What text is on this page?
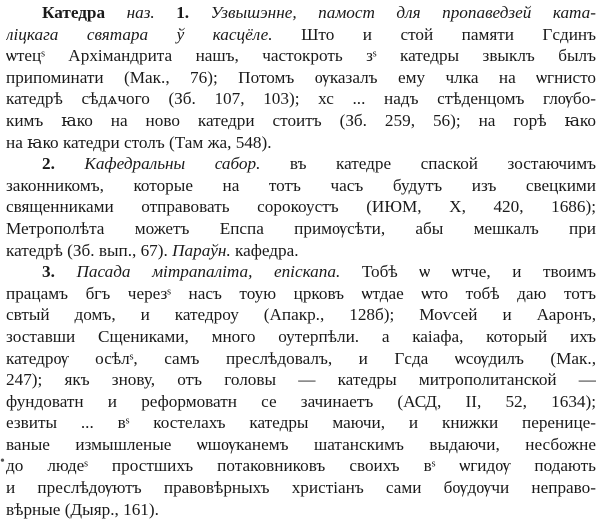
Катедра наз. 1. Узвышэнне, памост для пропаведзей ката-
ліцкага святара ў касцёле. Што и стой памяти Гсдинъ
ѡтецˢ Архімандрита нашъ, частокроть зˢ катедры звыклъ былъ
припоминати (Мак., 76); Потомъ ѹказалъ ему члка на ѡгнисто
катедрѣ сѣдѧчого (Зб. 107, 103); хс ... надъ стѣденцомъ глѹбо-
кимъ ꙗко на ново катедри стоитъ (Зб. 259, 56); на горѣ ꙗко
на ꙗко катедри столъ (Там жа, 548).
2. Кафедральны сабор. въ катедре спаской зостаючимъ
законникомъ, которые на тотъ часъ будутъ изъ свецкими
священниками отправовать сорокоустъ (ИЮМ, X, 420, 1686);
Метрополѣта можетъ Епспа примѹсѣти, абы мешкалъ при
катедрѣ (Зб. вып., 67). Параўн. кафедра.
3. Пасада мітрапаліта, епіскапа. Тобѣ ѡ ѡтче, и твоимъ
працамъ бгъ черезˢ насъ тоую црковъ ѡтдае ѡто тобѣ даю тотъ
свтый домъ, и катедроу (Апакр., 128б); Моѵсей и Ааронъ,
зоставши Сщениками, много оутерпѣли. а каіафа, который ихъ
катедрѹ осѣлˢ, самъ преслѣдовалъ, и Гсда ѡсѹдилъ (Мак.,
247); якъ знову, отъ головы — катедры митрополитанской —
фундоватн и реформоватн се зачинаетъ (АСД, II, 52, 1634);
езвиты ... вˢ костелахъ катедры маючи, и книжки перенице-
ваные измышленые ѡшѹканемъ шатанскимъ выдаючи, несбожне
до людеˢ простшихъ потаковниковъ своихъ вˢ ѡгидѹ подають
и преслѣдѹютъ правовѣрныхъ христіанъ сами бѹдѹчи неправо-
вѣрные (Дыяр., 161).
•
